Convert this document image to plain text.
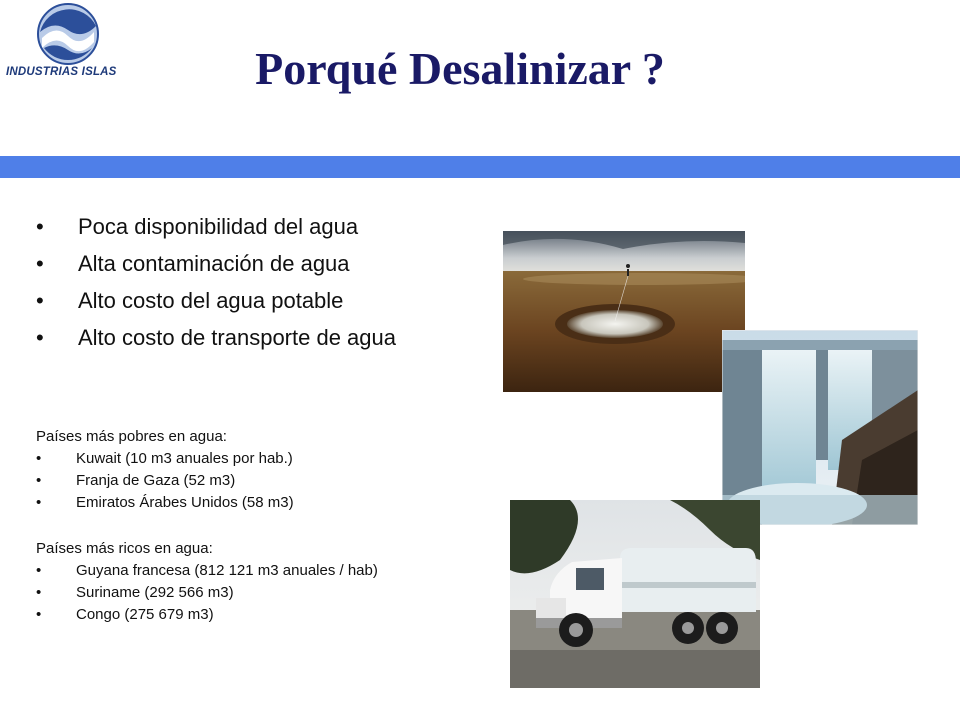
INDUSTRIAS ISLAS	Porqué Desalinizar ?
• Poca disponibilidad del agua
• Alta contaminación de agua
• Alto costo del agua potable
• Alto costo de transporte de agua
Países más pobres en agua:
• Kuwait (10 m3 anuales por hab.)
• Franja de Gaza (52 m3)
• Emiratos Árabes Unidos (58 m3)
Países más ricos en agua:
• Guyana francesa (812 121 m3 anuales / hab)
• Suriname (292 566 m3)
• Congo (275 679 m3)
